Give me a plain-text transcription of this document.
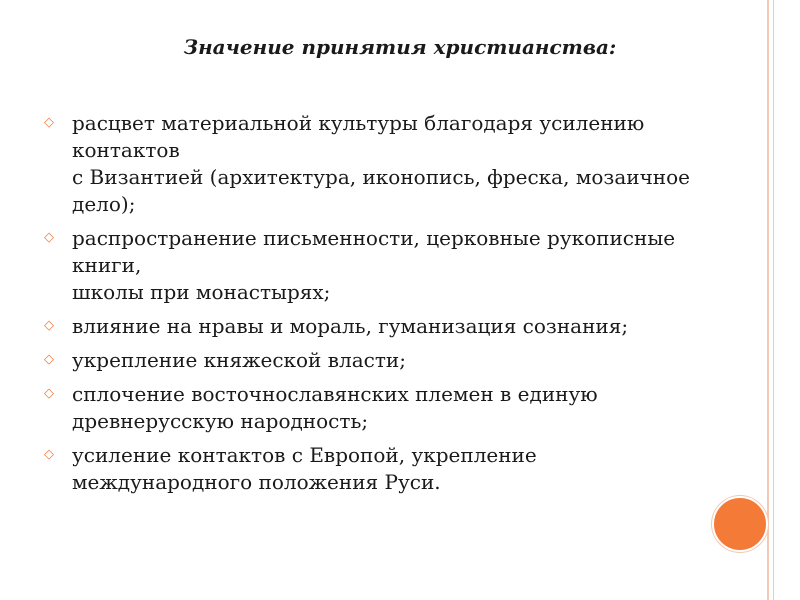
Значение принятия христианства:
◇ расцвет материальной культуры благодаря усилению
контактов
с Византией (архитектура, иконопись, фреска, мозаичное
дело);
◇ распространение письменности, церковные рукописные
книги,
школы при монастырях;
◇ влияние на нравы и мораль, гуманизация сознания;
◇ укрепление княжеской власти;
◇ сплочение восточнославянских племен в единую
древнерусскую народность;
◇ усиление контактов с Европой, укрепление
международного положения Руси.
